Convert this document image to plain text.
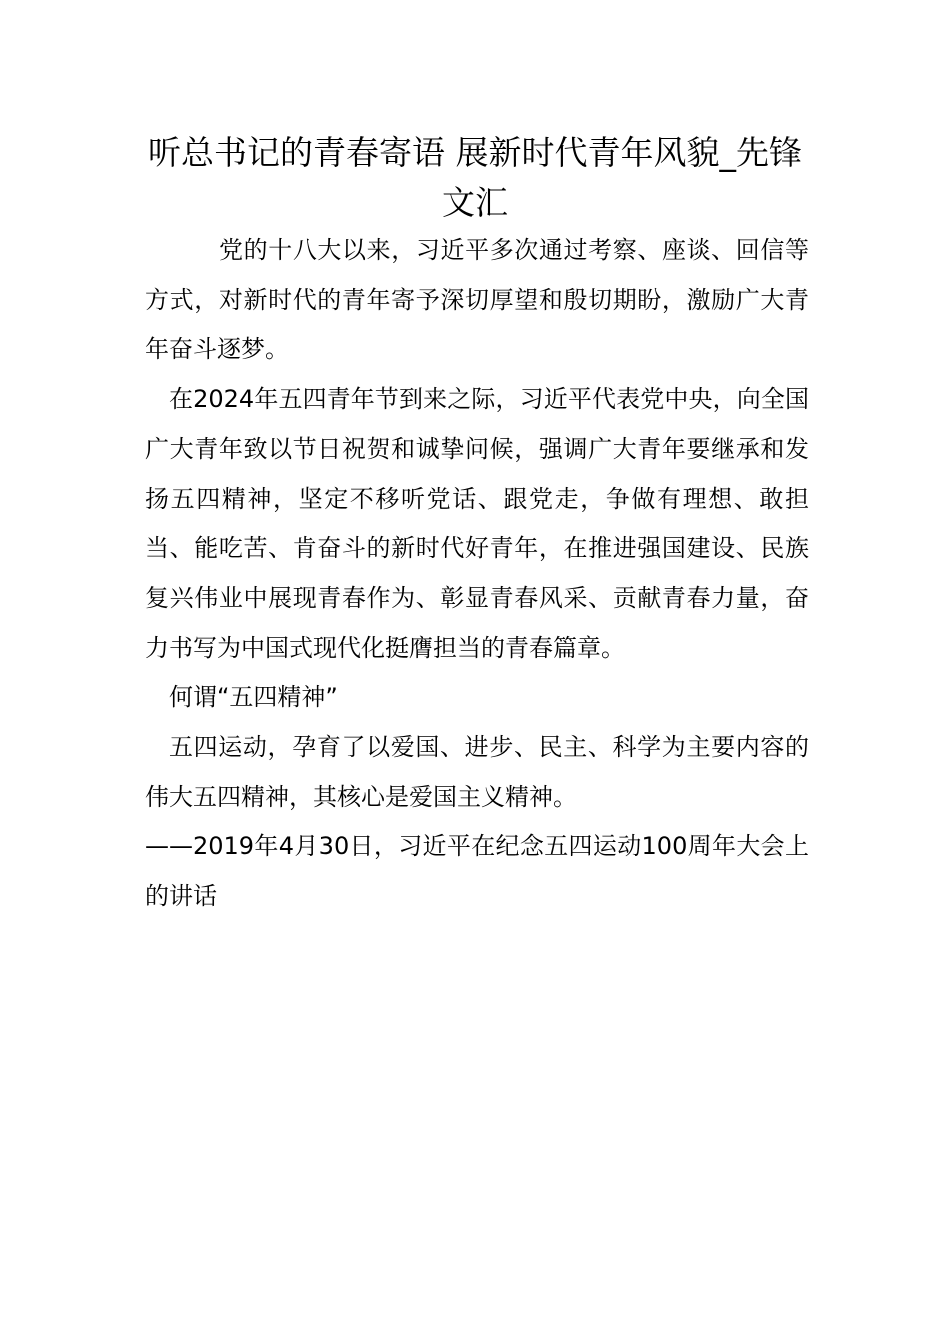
听总书记的青春寄语 展新时代青年风貌_先锋文汇

党的十八大以来，习近平多次通过考察、座谈、回信等方式，对新时代的青年寄予深切厚望和殷切期盼，激励广大青年奋斗逐梦。

在2024年五四青年节到来之际，习近平代表党中央，向全国广大青年致以节日祝贺和诚挚问候，强调广大青年要继承和发扬五四精神，坚定不移听党话、跟党走，争做有理想、敢担当、能吃苦、肯奋斗的新时代好青年，在推进强国建设、民族复兴伟业中展现青春作为、彰显青春风采、贡献青春力量，奋力书写为中国式现代化挺膺担当的青春篇章。

何谓“五四精神”

五四运动，孕育了以爱国、进步、民主、科学为主要内容的伟大五四精神，其核心是爱国主义精神。

——2019年4月30日，习近平在纪念五四运动100周年大会上的讲话
